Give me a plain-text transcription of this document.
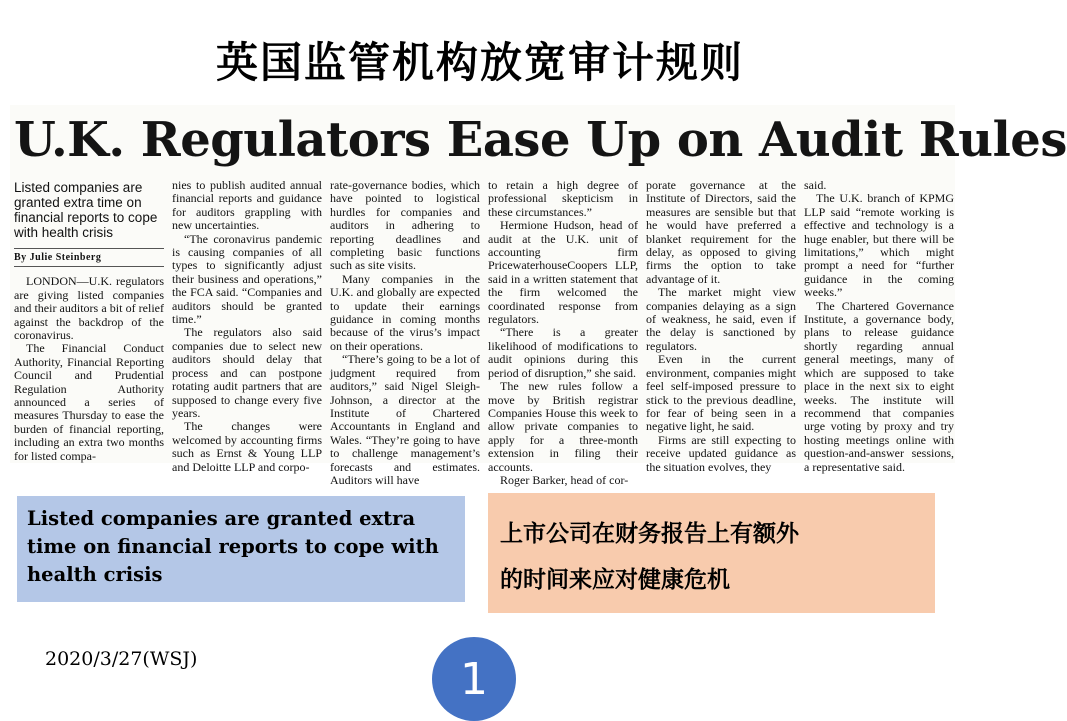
英国监管机构放宽审计规则
U.K. Regulators Ease Up on Audit Rules
Listed companies are granted extra time on financial reports to cope with health crisis
By Julie Steinberg

LONDON—U.K. regulators are giving listed companies and their auditors a bit of relief against the backdrop of the coronavirus.

The Financial Conduct Authority, Financial Reporting Council and Prudential Regulation Authority announced a series of measures Thursday to ease the burden of financial reporting, including an extra two months for listed compa-

nies to publish audited annual financial reports and guidance for auditors grappling with new uncertainties.

“The coronavirus pandemic is causing companies of all types to significantly adjust their business and operations,” the FCA said. “Companies and auditors should be granted time.”

The regulators also said companies due to select new auditors should delay that process and can postpone rotating audit partners that are supposed to change every five years.

The changes were welcomed by accounting firms such as Ernst & Young LLP and Deloitte LLP and corpo-

rate-governance bodies, which have pointed to logistical hurdles for companies and auditors in adhering to reporting deadlines and completing basic functions such as site visits.

Many companies in the U.K. and globally are expected to update their earnings guidance in coming months because of the virus’s impact on their operations.

“There’s going to be a lot of judgment required from auditors,” said Nigel Sleigh-Johnson, a director at the Institute of Chartered Accountants in England and Wales. “They’re going to have to challenge management’s forecasts and estimates. Auditors will have

to retain a high degree of professional skepticism in these circumstances.”

Hermione Hudson, head of audit at the U.K. unit of accounting firm PricewaterhouseCoopers LLP, said in a written statement that the firm welcomed the coordinated response from regulators.

“There is a greater likelihood of modifications to audit opinions during this period of disruption,” she said.

The new rules follow a move by British registrar Companies House this week to allow private companies to apply for a three-month extension in filing their accounts.

Roger Barker, head of cor-

porate governance at the Institute of Directors, said the measures are sensible but that he would have preferred a blanket requirement for the delay, as opposed to giving firms the option to take advantage of it.

The market might view companies delaying as a sign of weakness, he said, even if the delay is sanctioned by regulators.

Even in the current environment, companies might feel self-imposed pressure to stick to the previous deadline, for fear of being seen in a negative light, he said.

Firms are still expecting to receive updated guidance as the situation evolves, they

said.

The U.K. branch of KPMG LLP said “remote working is effective and technology is a huge enabler, but there will be limitations,” which might prompt a need for “further guidance in the coming weeks.”

The Chartered Governance Institute, a governance body, plans to release guidance shortly regarding annual general meetings, many of which are supposed to take place in the next six to eight weeks. The institute will recommend that companies urge voting by proxy and try hosting meetings online with question-and-answer sessions, a representative said.

Listed companies are granted extra time on financial reports to cope with health crisis
上市公司在财务报告上有额外
的时间来应对健康危机
2020/3/27(WSJ)	1
